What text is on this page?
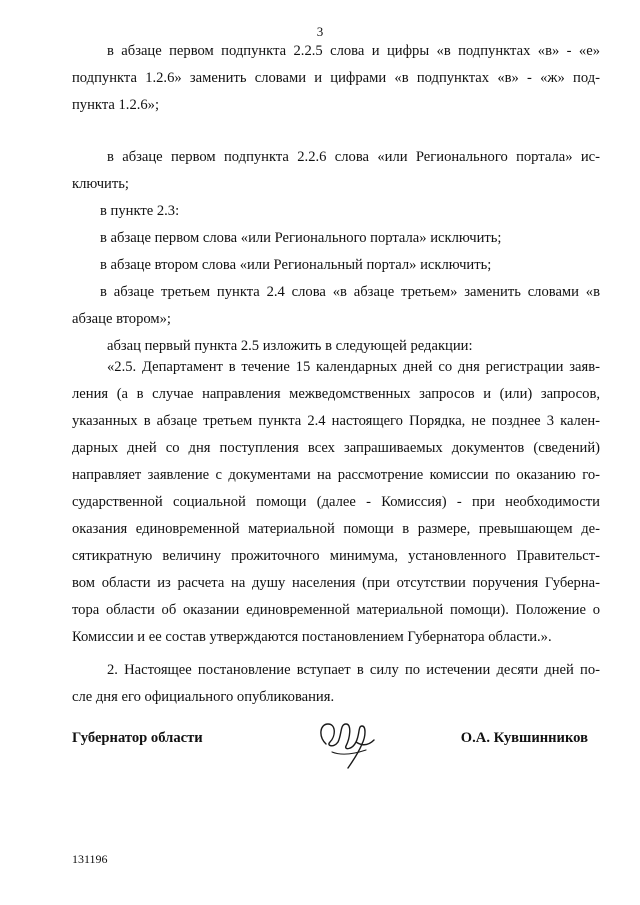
3
в абзаце первом подпункта 2.2.5 слова и цифры «в подпунктах «в» - «е»
подпункта 1.2.6» заменить словами и цифрами «в подпунктах «в» - «ж» под-
пункта 1.2.6»;
в абзаце первом подпункта 2.2.6 слова «или Регионального портала» ис-
ключить;
в пункте 2.3:
в абзаце первом слова «или Регионального портала» исключить;
в абзаце втором слова «или Региональный портал» исключить;
в абзаце третьем пункта 2.4 слова «в абзаце третьем» заменить словами «в
абзаце втором»;
абзац первый пункта 2.5 изложить в следующей редакции:
«2.5. Департамент в течение 15 календарных дней со дня регистрации заяв-
ления (а в случае направления межведомственных запросов и (или) запросов,
указанных в абзаце третьем пункта 2.4 настоящего Порядка, не позднее 3 кален-
дарных дней со дня поступления всех запрашиваемых документов (сведений)
направляет заявление с документами на рассмотрение комиссии по оказанию го-
сударственной социальной помощи (далее - Комиссия) - при необходимости
оказания единовременной материальной помощи в размере, превышающем де-
сятикратную величину прожиточного минимума, установленного Правительст-
вом области из расчета на душу населения (при отсутствии поручения Губерна-
тора области об оказании единовременной материальной помощи). Положение о
Комиссии и ее состав утверждаются постановлением Губернатора области.».
2. Настоящее постановление вступает в силу по истечении десяти дней по-
сле дня его официального опубликования.
Губернатор области	О.А. Кувшинников
131196
